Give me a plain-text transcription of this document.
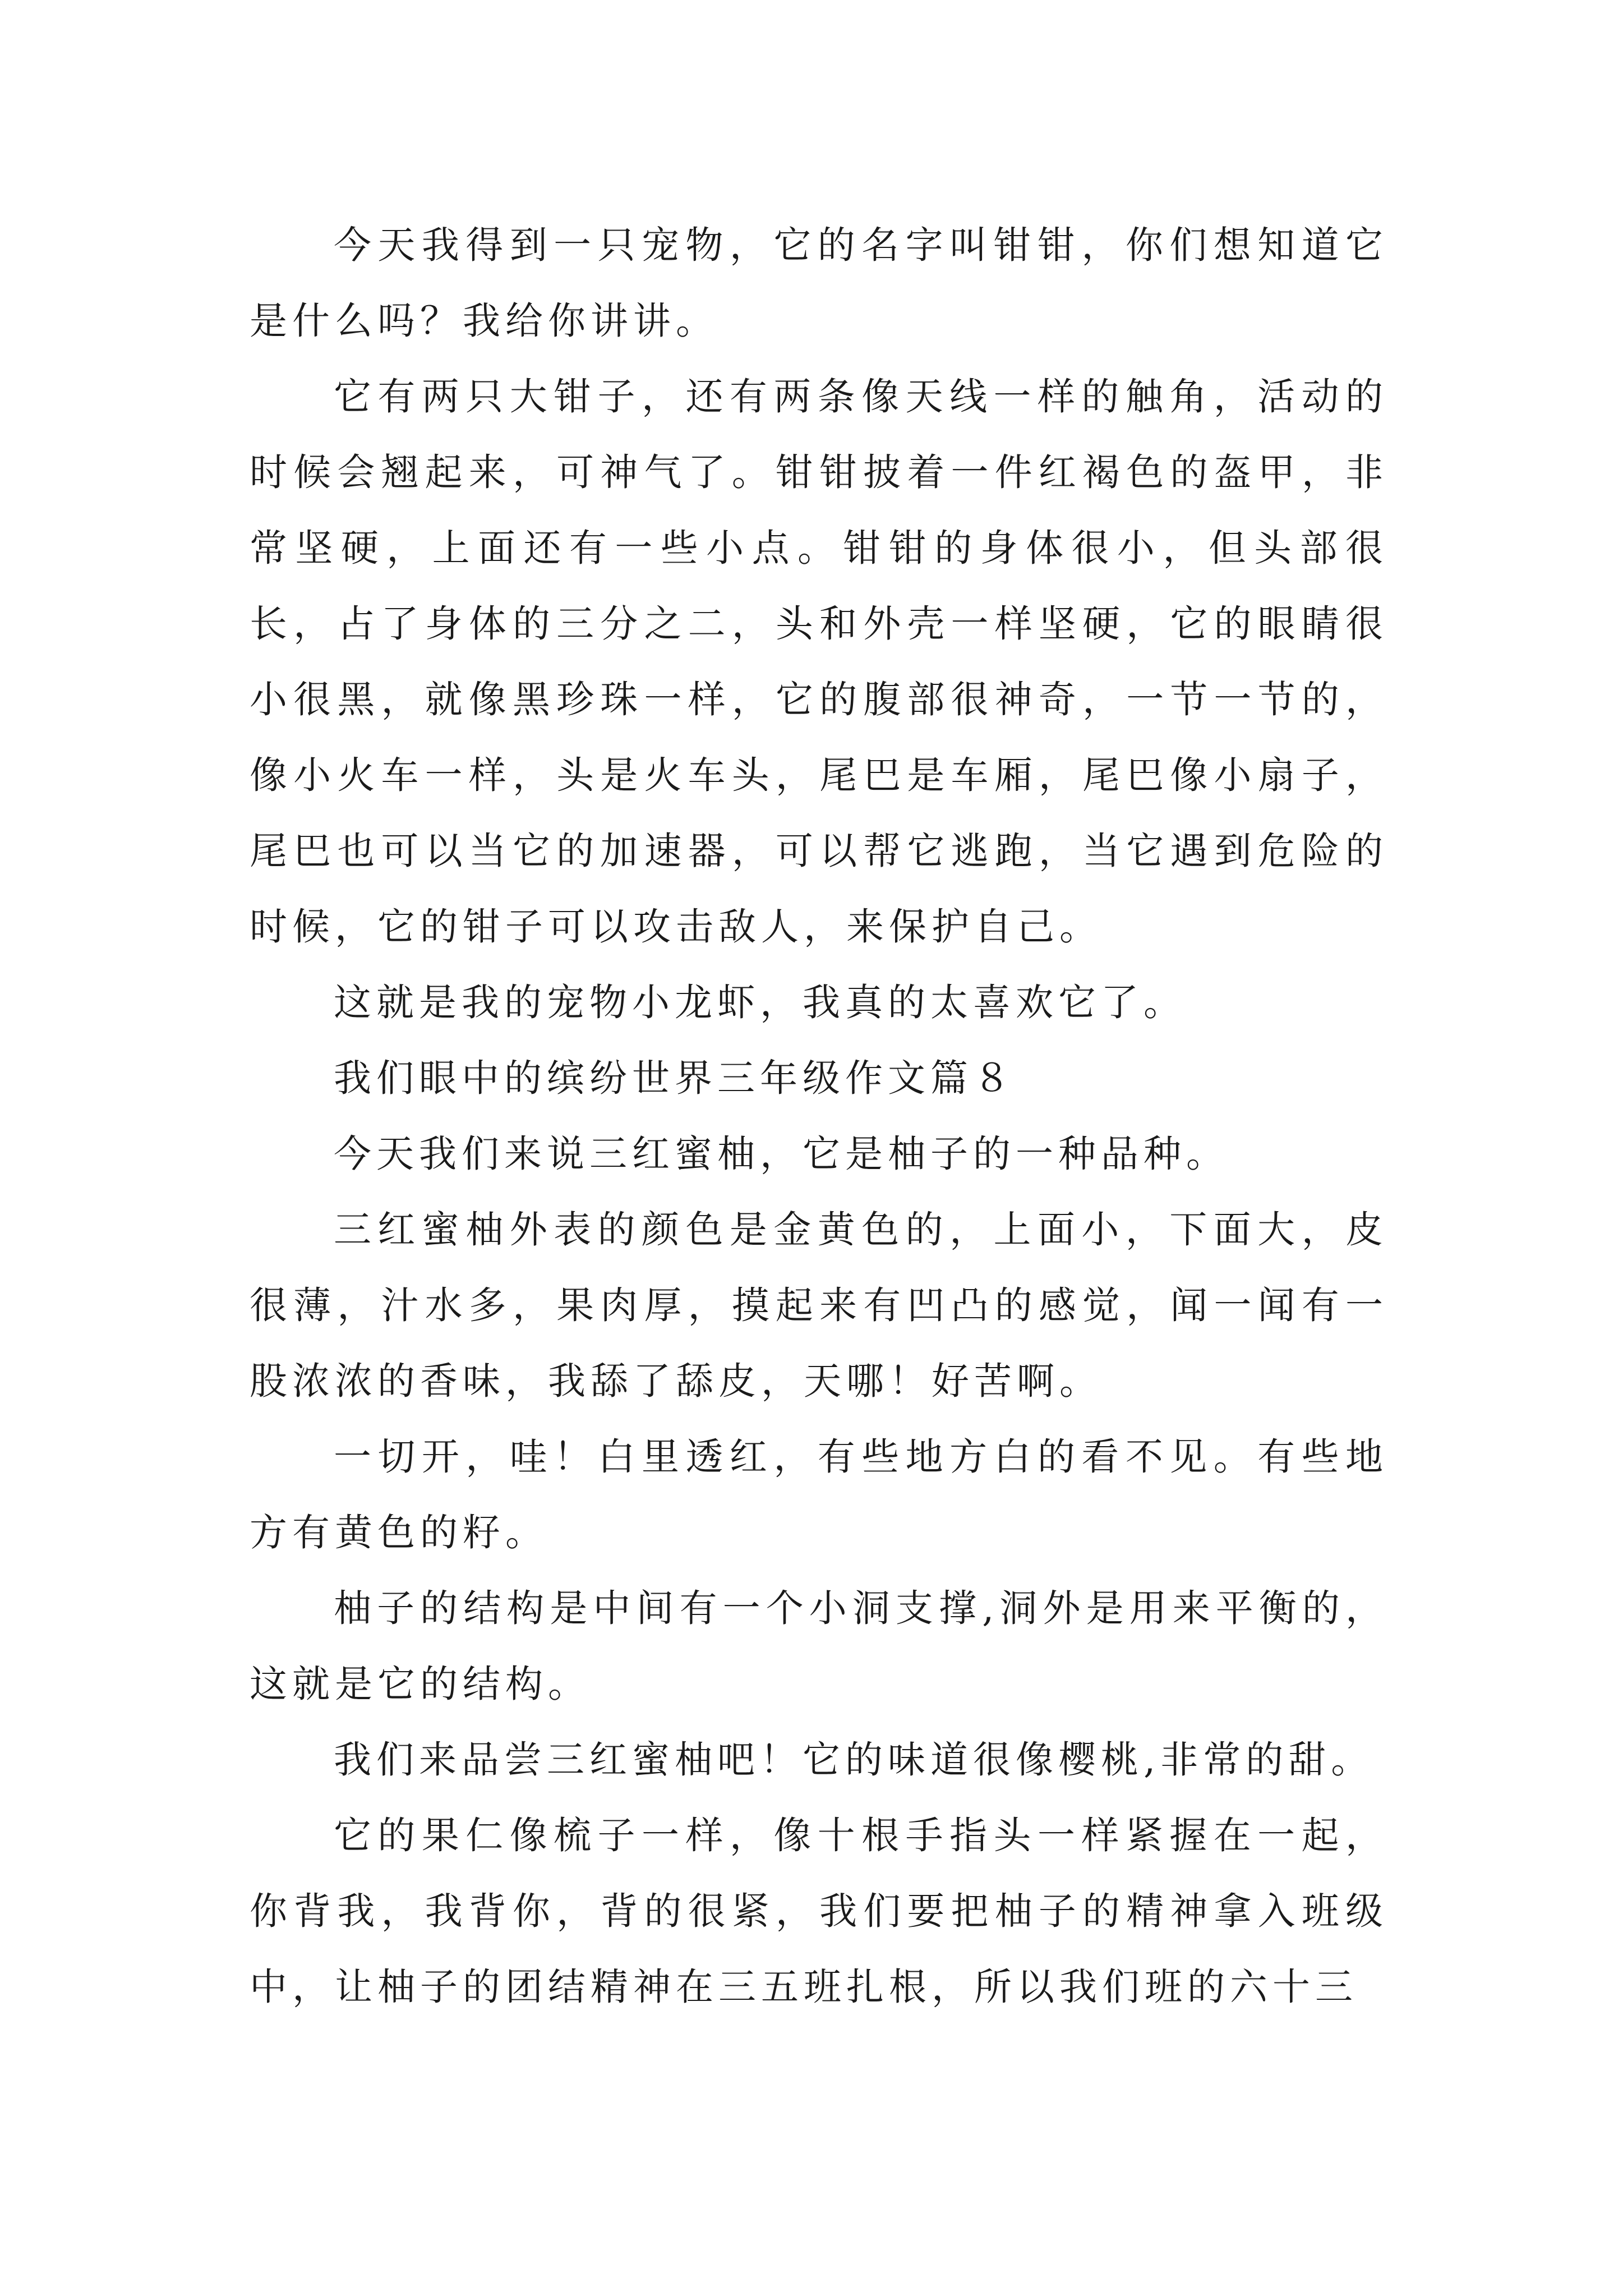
今天我得到一只宠物，它的名字叫钳钳，你们想知道它是什么吗？我给你讲讲。

它有两只大钳子，还有两条像天线一样的触角，活动的时候会翘起来，可神气了。钳钳披着一件红褐色的盔甲，非常坚硬，上面还有一些小点。钳钳的身体很小，但头部很长，占了身体的三分之二，头和外壳一样坚硬，它的眼睛很小很黑，就像黑珍珠一样，它的腹部很神奇，一节一节的，像小火车一样，头是火车头，尾巴是车厢，尾巴像小扇子，尾巴也可以当它的加速器，可以帮它逃跑，当它遇到危险的时候，它的钳子可以攻击敌人，来保护自己。

这就是我的宠物小龙虾，我真的太喜欢它了。

我们眼中的缤纷世界三年级作文篇８

今天我们来说三红蜜柚，它是柚子的一种品种。

三红蜜柚外表的颜色是金黄色的，上面小，下面大，皮很薄，汁水多，果肉厚，摸起来有凹凸的感觉，闻一闻有一股浓浓的香味，我舔了舔皮，天哪！好苦啊。

一切开，哇！白里透红，有些地方白的看不见。有些地方有黄色的籽。

柚子的结构是中间有一个小洞支撑,洞外是用来平衡的，这就是它的结构。

我们来品尝三红蜜柚吧！它的味道很像樱桃,非常的甜。

它的果仁像梳子一样，像十根手指头一样紧握在一起，你背我，我背你，背的很紧，我们要把柚子的精神拿入班级中，让柚子的团结精神在三五班扎根，所以我们班的六十三
